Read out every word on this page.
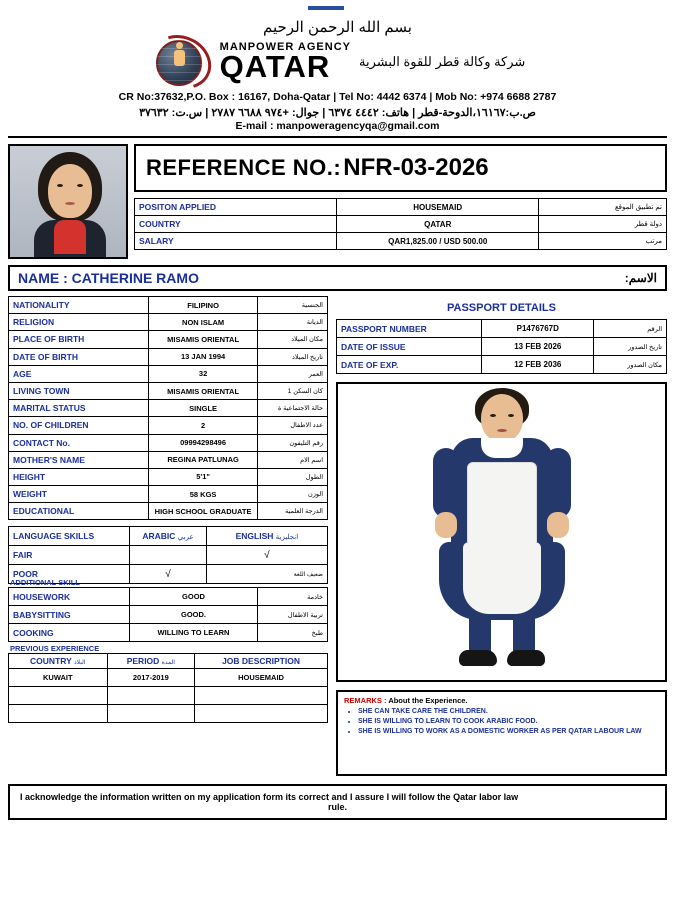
بسم الله الرحمن الرحيم
MANPOWER AGENCY
QATAR	شركة وكالة قطر للقوة البشرية
CR No:37632,P.O. Box : 16167, Doha-Qatar | Tel No: 4442 6374 | Mob No: +974 6688 2787
ص.ب:١٦١٦٧،الدوحة-قطر | هاتف: ٤٤٤٢ ٦٣٧٤ | جوال: +٩٧٤ ٦٦٨٨ ٢٧٨٧ | س.ت: ٣٧٦٣٢
E-mail : manpoweragencyqa@gmail.com
REFERENCE NO.: NFR-03-2026
POSITON APPLIED	HOUSEMAID	تم تطبيق الموقع
COUNTRY	QATAR	دولة قطر
SALARY	QAR1,825.00 / USD 500.00	مرتب
NAME : CATHERINE RAMO	الاسم:
NATIONALITY	FILIPINO	الجنسية
RELIGION	NON ISLAM	الديانة
PLACE OF BIRTH	MISAMIS ORIENTAL	مكان الميلاد
DATE OF BIRTH	13 JAN 1994	تاريخ الميلاد
AGE	32	العمر
LIVING TOWN	MISAMIS ORIENTAL	كان السكن 1
MARITAL STATUS	SINGLE	حالة الاجتماعية ة
NO. OF CHILDREN	2	عدد الاطفال
CONTACT No.	09994298496	رقم التليفون
MOTHER'S NAME	REGINA PATLUNAG	اسم الام
HEIGHT	5'1"	الطول
WEIGHT	58 KGS	الوزن
EDUCATIONAL	HIGH SCHOOL GRADUATE	الدرجة العلمية
LANGUAGE SKILLS	ARABIC عربي	ENGLISH انجليزية
FAIR		√
POOR	√	ضعيف اللغة
ADDITIONAL SKILL
HOUSEWORK	GOOD	خادمة
BABYSITTING	GOOD.	تربية الاطفال
COOKING	WILLING TO LEARN	طبخ
PREVIOUS EXPERIENCE
COUNTRY البلاد	PERIOD المدة	JOB DESCRIPTION
KUWAIT	2017-2019	HOUSEMAID

PASSPORT DETAILS
PASSPORT NUMBER	P1476767D	الرقم
DATE OF ISSUE	13 FEB 2026	تاريخ الصدور
DATE OF EXP.	12 FEB 2036	مكان الصدور
REMARKS : About the Experience.
• SHE CAN TAKE CARE THE CHILDREN.
• SHE IS WILLING TO LEARN TO COOK ARABIC FOOD.
• SHE IS WILLING TO WORK AS A DOMESTIC WORKER AS PER QATAR LABOUR LAW
I acknowledge the information written on my application form its correct and I assure I will follow the Qatar labor law
rule.
